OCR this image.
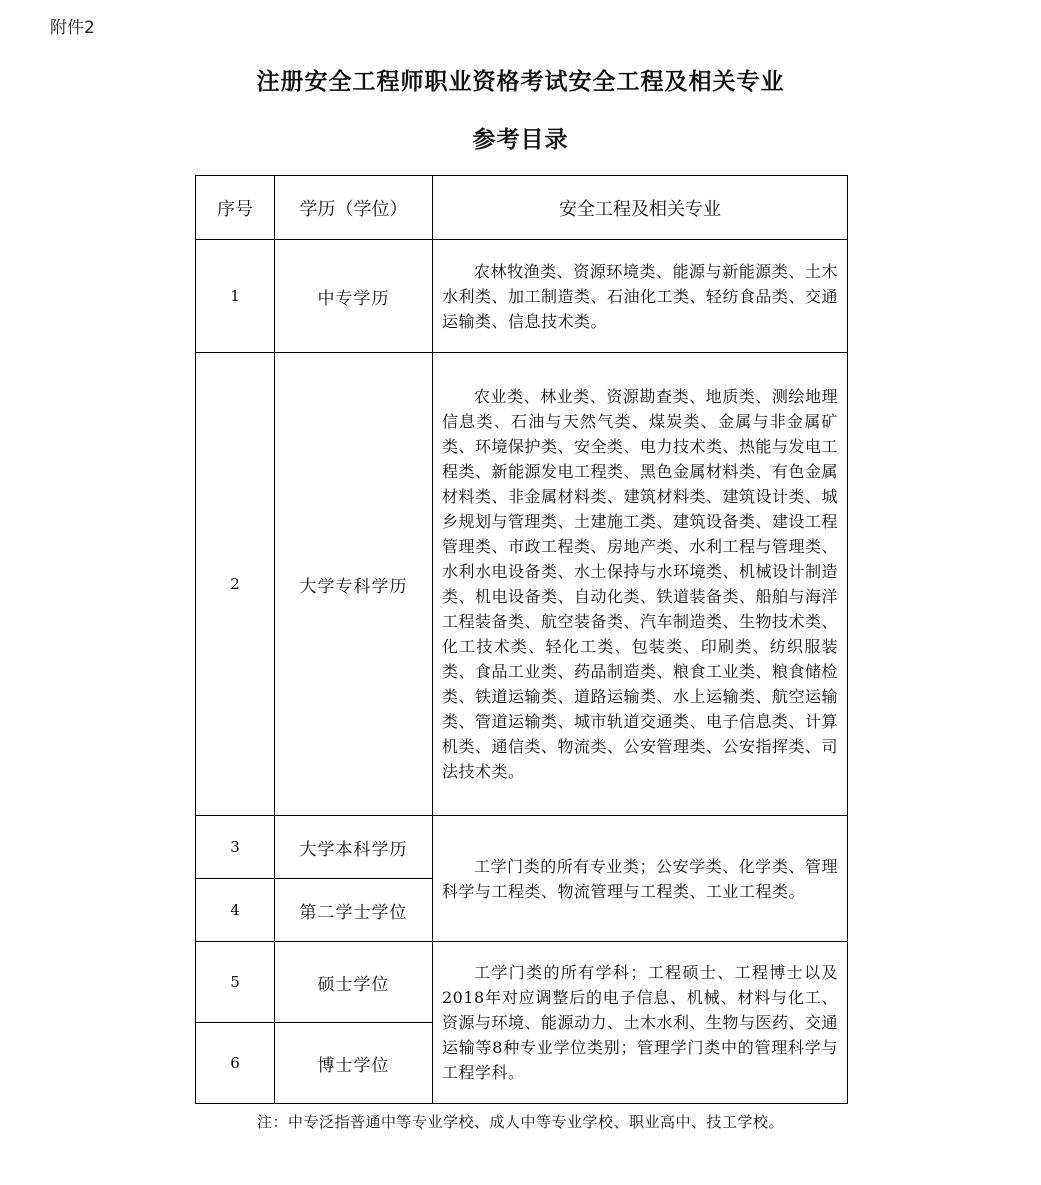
附件2
注册安全工程师职业资格考试安全工程及相关专业
参考目录
序号	学历（学位）	安全工程及相关专业
1	中专学历	农林牧渔类、资源环境类、能源与新能源类、土木水利类、加工制造类、石油化工类、轻纺食品类、交通运输类、信息技术类。

2	大学专科学历	农业类、林业类、资源勘查类、地质类、测绘地理信息类、石油与天然气类、煤炭类、金属与非金属矿类、环境保护类、安全类、电力技术类、热能与发电工程类、新能源发电工程类、黑色金属材料类、有色金属材料类、非金属材料类、建筑材料类、建筑设计类、城乡规划与管理类、土建施工类、建筑设备类、建设工程管理类、市政工程类、房地产类、水利工程与管理类、水利水电设备类、水土保持与水环境类、机械设计制造类、机电设备类、自动化类、铁道装备类、船舶与海洋工程装备类、航空装备类、汽车制造类、生物技术类、化工技术类、轻化工类、包装类、印刷类、纺织服装类、食品工业类、药品制造类、粮食工业类、粮食储检类、铁道运输类、道路运输类、水上运输类、航空运输类、管道运输类、城市轨道交通类、电子信息类、计算机类、通信类、物流类、公安管理类、公安指挥类、司法技术类。

3	大学本科学历	工学门类的所有专业类；公安学类、化学类、管理科学与工程类、物流管理与工程类、工业工程类。

4	第二学士学位	
5	硕士学位	工学门类的所有学科；工程硕士、工程博士以及2018年对应调整后的电子信息、机械、材料与化工、资源与环境、能源动力、土木水利、生物与医药、交通运输等8种专业学位类别；管理学门类中的管理科学与工程学科。

6	博士学位	
注：中专泛指普通中等专业学校、成人中等专业学校、职业高中、技工学校。
